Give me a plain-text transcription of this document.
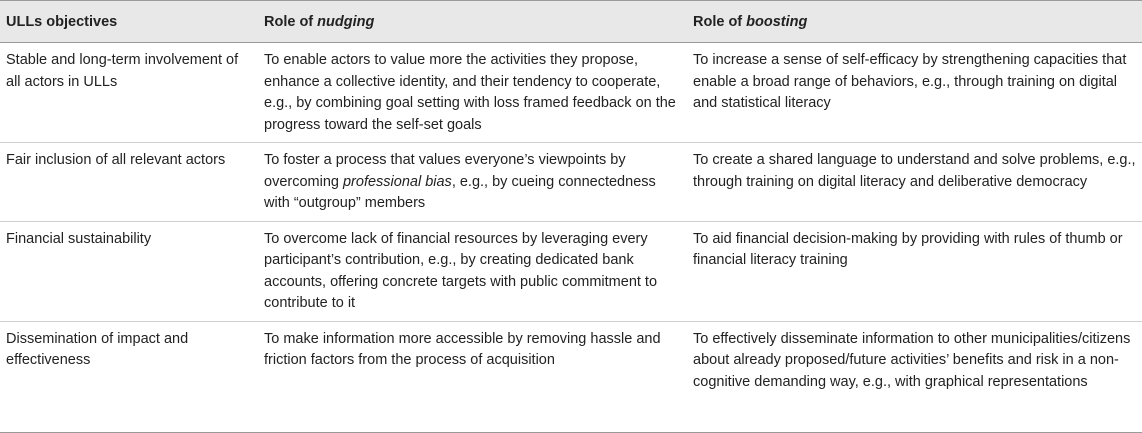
ULLs objectives	Role of nudging	Role of boosting
Stable and long-term involvement of all actors in ULLs	To enable actors to value more the activities they propose, enhance a collective identity, and their tendency to cooperate, e.g., by combining goal setting with loss framed feedback on the progress toward the self-set goals	To increase a sense of self-efficacy by strengthening capacities that enable a broad range of behaviors, e.g., through training on digital and statistical literacy
Fair inclusion of all relevant actors	To foster a process that values everyone’s viewpoints by overcoming professional bias, e.g., by cueing connectedness with “outgroup” members	To create a shared language to understand and solve problems, e.g., through training on digital literacy and deliberative democracy
Financial sustainability	To overcome lack of financial resources by leveraging every participant’s contribution, e.g., by creating dedicated bank accounts, offering concrete targets with public commitment to contribute to it	To aid financial decision-making by providing with rules of thumb or financial literacy training
Dissemination of impact and effectiveness	To make information more accessible by removing hassle and friction factors from the process of acquisition	To effectively disseminate information to other municipalities/citizens about already proposed/future activities’ benefits and risk in a non-cognitive demanding way, e.g., with graphical representations
